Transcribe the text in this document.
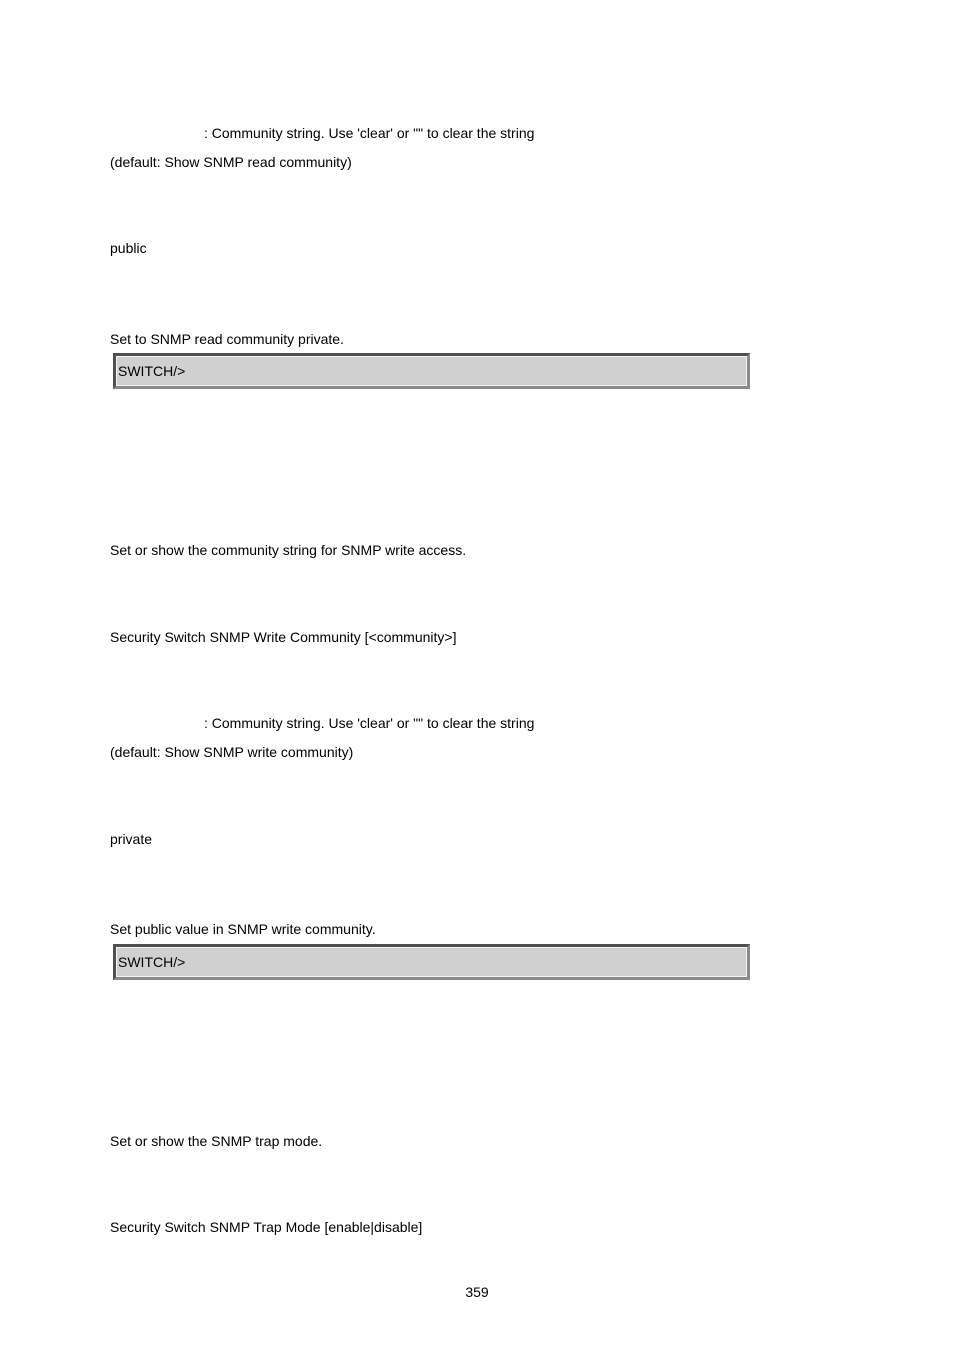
: Community string. Use 'clear' or "" to clear the string
(default: Show SNMP read community)
public
Set to SNMP read community private.
SWITCH/>
Set or show the community string for SNMP write access.
Security Switch SNMP Write Community [<community>]
: Community string. Use 'clear' or "" to clear the string
(default: Show SNMP write community)
private
Set public value in SNMP write community.
SWITCH/>
Set or show the SNMP trap mode.
Security Switch SNMP Trap Mode [enable|disable]
359
